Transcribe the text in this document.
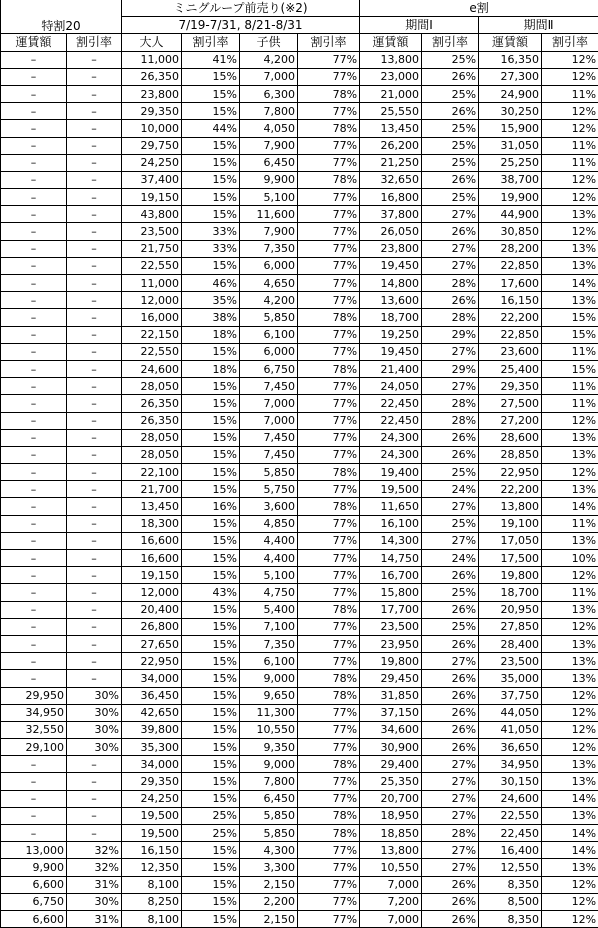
特割20		ミニグループ前売り(※2)				e割			
		7/19-7/31, 8/21-8/31				期間Ⅰ		期間Ⅱ	
運賃額	割引率	大人	割引率	子供	割引率	運賃額	割引率	運賃額	割引率
–	–	11,000	41%	4,200	77%	13,800	25%	16,350	12%
–	–	26,350	15%	7,000	77%	23,000	26%	27,300	12%
–	–	23,800	15%	6,300	78%	21,000	25%	24,900	11%
–	–	29,350	15%	7,800	77%	25,550	26%	30,250	12%
–	–	10,000	44%	4,050	78%	13,450	25%	15,900	12%
–	–	29,750	15%	7,900	77%	26,200	25%	31,050	11%
–	–	24,250	15%	6,450	77%	21,250	25%	25,250	11%
–	–	37,400	15%	9,900	78%	32,650	26%	38,700	12%
–	–	19,150	15%	5,100	77%	16,800	25%	19,900	12%
–	–	43,800	15%	11,600	77%	37,800	27%	44,900	13%
–	–	23,500	33%	7,900	77%	26,050	26%	30,850	12%
–	–	21,750	33%	7,350	77%	23,800	27%	28,200	13%
–	–	22,550	15%	6,000	77%	19,450	27%	22,850	13%
–	–	11,000	46%	4,650	77%	14,800	28%	17,600	14%
–	–	12,000	35%	4,200	77%	13,600	26%	16,150	13%
–	–	16,000	38%	5,850	78%	18,700	28%	22,200	15%
–	–	22,150	18%	6,100	77%	19,250	29%	22,850	15%
–	–	22,550	15%	6,000	77%	19,450	27%	23,600	11%
–	–	24,600	18%	6,750	78%	21,400	29%	25,400	15%
–	–	28,050	15%	7,450	77%	24,050	27%	29,350	11%
–	–	26,350	15%	7,000	77%	22,450	28%	27,500	11%
–	–	26,350	15%	7,000	77%	22,450	28%	27,200	12%
–	–	28,050	15%	7,450	77%	24,300	26%	28,600	13%
–	–	28,050	15%	7,450	77%	24,300	26%	28,850	13%
–	–	22,100	15%	5,850	78%	19,400	25%	22,950	12%
–	–	21,700	15%	5,750	77%	19,500	24%	22,200	13%
–	–	13,450	16%	3,600	78%	11,650	27%	13,800	14%
–	–	18,300	15%	4,850	77%	16,100	25%	19,100	11%
–	–	16,600	15%	4,400	77%	14,300	27%	17,050	13%
–	–	16,600	15%	4,400	77%	14,750	24%	17,500	10%
–	–	19,150	15%	5,100	77%	16,700	26%	19,800	12%
–	–	12,000	43%	4,750	77%	15,800	25%	18,700	11%
–	–	20,400	15%	5,400	78%	17,700	26%	20,950	13%
–	–	26,800	15%	7,100	77%	23,500	25%	27,850	12%
–	–	27,650	15%	7,350	77%	23,950	26%	28,400	13%
–	–	22,950	15%	6,100	77%	19,800	27%	23,500	13%
–	–	34,000	15%	9,000	78%	29,450	26%	35,000	13%
29,950	30%	36,450	15%	9,650	78%	31,850	26%	37,750	12%
34,950	30%	42,650	15%	11,300	77%	37,150	26%	44,050	12%
32,550	30%	39,800	15%	10,550	77%	34,600	26%	41,050	12%
29,100	30%	35,300	15%	9,350	77%	30,900	26%	36,650	12%
–	–	34,000	15%	9,000	78%	29,400	27%	34,950	13%
–	–	29,350	15%	7,800	77%	25,350	27%	30,150	13%
–	–	24,250	15%	6,450	77%	20,700	27%	24,600	14%
–	–	19,500	25%	5,850	78%	18,950	27%	22,550	13%
–	–	19,500	25%	5,850	78%	18,850	28%	22,450	14%
13,000	32%	16,150	15%	4,300	77%	13,800	27%	16,400	14%
9,900	32%	12,350	15%	3,300	77%	10,550	27%	12,550	13%
6,600	31%	8,100	15%	2,150	77%	7,000	26%	8,350	12%
6,750	30%	8,250	15%	2,200	77%	7,200	26%	8,500	12%
6,600	31%	8,100	15%	2,150	77%	7,000	26%	8,350	12%
